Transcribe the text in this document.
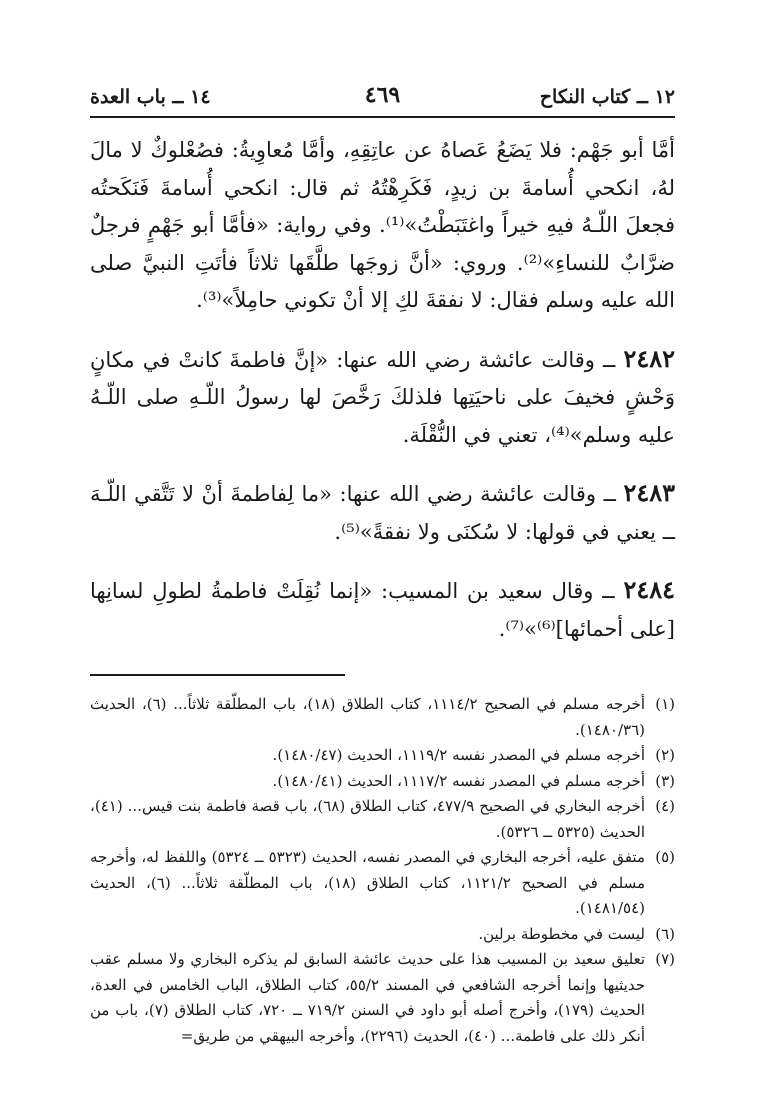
١٢ ــ كتاب النكاح
٤٦٩
١٤ ــ باب العدة

أمَّا أبو جَهْم: فلا يَضَعُ عَصاهُ عن عاتِقِهِ، وأمَّا مُعاوِيةُ: فصُعْلوكٌ لا مالَ لهُ، انكحي أُسامةَ بن زيدٍ، فَكَرِهْتُهُ ثم قال: انكحي أُسامةَ فَنَكَحتُه فجعلَ اللّـهُ فيهِ خيراً واغتَبَطْتُ»⁽¹⁾. وفي رواية: «فأمَّا أبو جَهْمٍ فرجلٌ ضرَّابٌ للنساءِ»⁽²⁾. وروي: «أنَّ زوجَها طلَّقَها ثلاثاً فأتَتِ النبيَّ صلى الله عليه وسلم فقال: لا نفقةَ لكِ إلا أنْ تكوني حامِلاً»⁽³⁾.

٢٤٨٢ ــ وقالت عائشة رضي الله عنها: «إنَّ فاطمةَ كانتْ في مكانٍ وَحْشٍ فخيفَ على ناحيَتِها فلذلكَ رَخَّصَ لها رسولُ اللّـهِ صلى اللّـهُ عليه وسلم»⁽⁴⁾، تعني في النُّقْلَة.

٢٤٨٣ ــ وقالت عائشة رضي الله عنها: «ما لِفاطمةَ أنْ لا تَتَّقي اللّـهَ ــ يعني في قولها: لا سُكنَى ولا نفقةً»⁽⁵⁾.

٢٤٨٤ ــ وقال سعيد بن المسيب: «إنما نُقِلَتْ فاطمةُ لطولِ لسانِها [على أحمائها]⁽⁶⁾»⁽⁷⁾.

(١)
أخرجه مسلم في الصحيح ١١١٤/٢، كتاب الطلاق (١٨)، باب المطلّقة ثلاثاً... (٦)، الحديث (١٤٨٠/٣٦).
(٢)
أخرجه مسلم في المصدر نفسه ١١١٩/٢، الحديث (١٤٨٠/٤٧).
(٣)
أخرجه مسلم في المصدر نفسه ١١١٧/٢، الحديث (١٤٨٠/٤١).
(٤)
أخرجه البخاري في الصحيح ٤٧٧/٩، كتاب الطلاق (٦٨)، باب قصة فاطمة بنت قيس... (٤١)، الحديث (٥٣٢٥ ــ ٥٣٢٦).
(٥)
متفق عليه، أخرجه البخاري في المصدر نفسه، الحديث (٥٣٢٣ ــ ٥٣٢٤) واللفظ له، وأخرجه مسلم في الصحيح ١١٢١/٢، كتاب الطلاق (١٨)، باب المطلّقة ثلاثاً... (٦)، الحديث (١٤٨١/٥٤).
(٦)
ليست في مخطوطة برلين.
(٧)
تعليق سعيد بن المسيب هذا على حديث عائشة السابق لم يذكره البخاري ولا مسلم عقب حديثيها وإنما أخرجه الشافعي في المسند ٥٥/٢، كتاب الطلاق، الباب الخامس في العدة، الحديث (١٧٩)، وأخرج أصله أبو داود في السنن ٧١٩/٢ ــ ٧٢٠، كتاب الطلاق (٧)، باب من أنكر ذلك على فاطمة... (٤٠)، الحديث (٢٢٩٦)، وأخرجه البيهقي من طريق=
